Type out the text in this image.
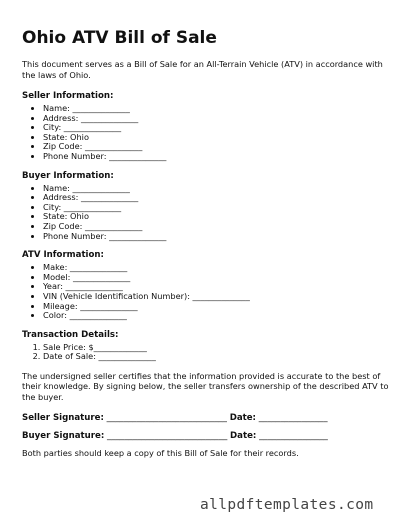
Ohio ATV Bill of Sale

This document serves as a Bill of Sale for an All-Terrain Vehicle (ATV) in accordance with the laws of Ohio.

Seller Information:
• Name: ______________
• Address: ______________
• City: ______________
• State: Ohio
• Zip Code: ______________
• Phone Number: ______________
Buyer Information:
• Name: ______________
• Address: ______________
• City: ______________
• State: Ohio
• Zip Code: ______________
• Phone Number: ______________
ATV Information:
• Make: ______________
• Model: ______________
• Year: ______________
• VIN (Vehicle Identification Number): ______________
• Mileage: ______________
• Color: ______________
Transaction Details:
1. Sale Price: $_____________
2. Date of Sale: ______________

The undersigned seller certifies that the information provided is accurate to the best of their knowledge. By signing below, the seller transfers ownership of the described ATV to the buyer.

Seller Signature: ____________________________ Date: ________________
Buyer Signature: ____________________________ Date: ________________

Both parties should keep a copy of this Bill of Sale for their records.

allpdftemplates.com
